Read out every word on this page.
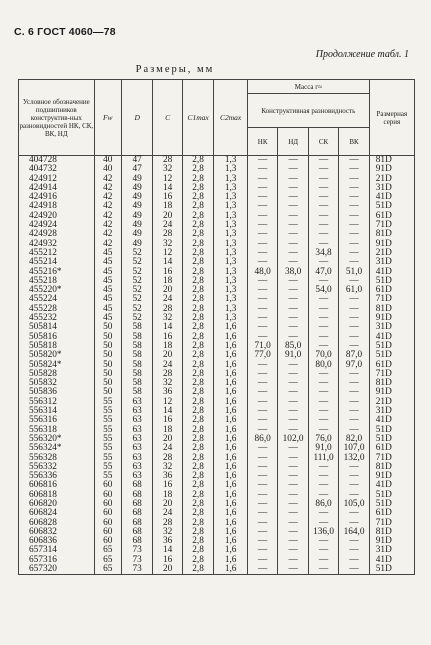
С. 6 ГОСТ 4060—78
Продолжение табл. 1
Размеры, мм
Условное обозначение подшипников конструктив-ных разновидностей НК, СК, ВК, НД	Fw	D	C	C1max	C2max	Масса г≈				Размерная серия
						Конструктивная разновидность				
						НК	НД	СК	ВК	
404728	40	47	28	2,8	1,3	—	—	—	—	81D
404732	40	47	32	2,8	1,3	—	—	—	—	91D
424912	42	49	12	2,8	1,3	—	—	—	—	21D
424914	42	49	14	2,8	1,3	—	—	—	—	31D
424916	42	49	16	2,8	1,3	—	—	—	—	41D
424918	42	49	18	2,8	1,3	—	—	—	—	51D
424920	42	49	20	2,8	1,3	—	—	—	—	61D
424924	42	49	24	2,8	1,3	—	—	—	—	71D
424928	42	49	28	2,8	1,3	—	—	—	—	81D
424932	42	49	32	2,8	1,3	—	—	—	—	91D
455212	45	52	12	2,8	1,3	—	—	34,8	—	21D
455214	45	52	14	2,8	1,3	—	—	—	—	31D
455216*	45	52	16	2,8	1,3	48,0	38,0	47,0	51,0	41D
455218	45	52	18	2,8	1,3	—	—	—	—	51D
455220*	45	52	20	2,8	1,3	—	—	54,0	61,0	61D
455224	45	52	24	2,8	1,3	—	—	—	—	71D
455228	45	52	28	2,8	1,3	—	—	—	—	81D
455232	45	52	32	2,8	1,3	—	—	—	—	91D
505814	50	58	14	2,8	1,6	—	—	—	—	31D
505816	50	58	16	2,8	1,6	—	—	—	—	41D
505818	50	58	18	2,8	1,6	71,0	85,0	—	—	51D
505820*	50	58	20	2,8	1,6	77,0	91,0	70,0	87,0	51D
505824*	50	58	24	2,8	1,6	—	—	80,0	97,0	61D
505828	50	58	28	2,8	1,6	—	—	—	—	71D
505832	50	58	32	2,8	1,6	—	—	—	—	81D
505836	50	58	36	2,8	1,6	—	—	—	—	91D
556312	55	63	12	2,8	1,6	—	—	—	—	21D
556314	55	63	14	2,8	1,6	—	—	—	—	31D
556316	55	63	16	2,8	1,6	—	—	—	—	41D
556318	55	63	18	2,8	1,6	—	—	—	—	51D
556320*	55	63	20	2,8	1,6	86,0	102,0	76,0	82,0	51D
556324*	55	63	24	2,8	1,6	—	—	91,0	107,0	61D
556328	55	63	28	2,8	1,6	—	—	111,0	132,0	71D
556332	55	63	32	2,8	1,6	—	—	—	—	81D
556336	55	63	36	2,8	1,6	—	—	—	—	91D
606816	60	68	16	2,8	1,6	—	—	—	—	41D
606818	60	68	18	2,8	1,6	—	—	—	—	51D
606820	60	68	20	2,8	1,6	—	—	86,0	105,0	51D
606824	60	68	24	2,8	1,6	—	—	—	—	61D
606828	60	68	28	2,8	1,6	—	—	—	—	71D
606832	60	68	32	2,8	1,6	—	—	136,0	164,0	81D
606836	60	68	36	2,8	1,6	—	—	—	—	91D
657314	65	73	14	2,8	1,6	—	—	—	—	31D
657316	65	73	16	2,8	1,6	—	—	—	—	41D
657320	65	73	20	2,8	1,6	—	—	—	—	51D
